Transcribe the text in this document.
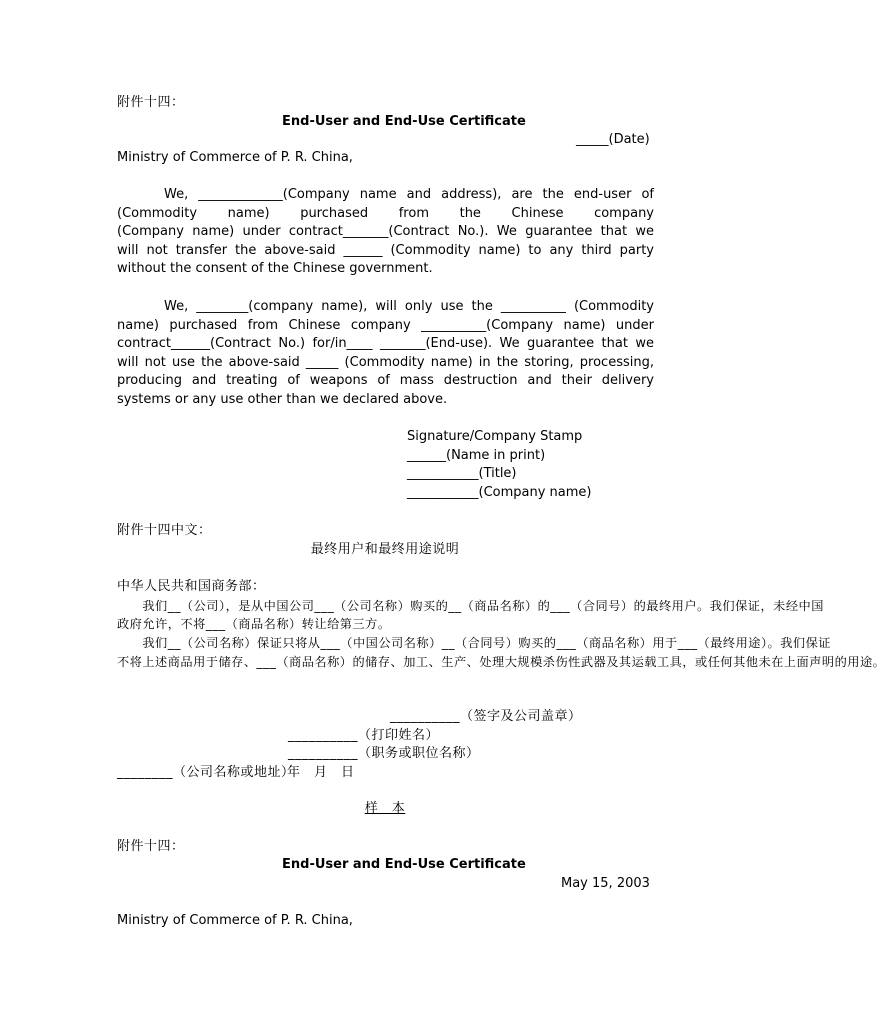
附件十四：
End-User and End-Use Certificate
_____(Date)
Ministry of Commerce of P. R. China,
We, _____________(Company name and address), are the end-user of
(Commodity name) purchased from the Chinese company
(Company name) under contract_______(Contract No.). We guarantee that we
will not transfer the above-said ______ (Commodity name) to any third party
without the consent of the Chinese government.
We, ________(company name), will only use the __________ (Commodity
name) purchased from Chinese company __________(Company name) under
contract______(Contract No.) for/in____ _______(End-use). We guarantee that we
will not use the above-said _____ (Commodity name) in the storing, processing,
producing and treating of weapons of mass destruction and their delivery
systems or any use other than we declared above.
Signature/Company Stamp
______(Name in print)
___________(Title)
___________(Company name)
附件十四中文：
最终用户和最终用途说明
中华人民共和国商务部：
　　我们__（公司），是从中国公司___（公司名称）购买的__（商品名称）的___（合同号）的最终用户。我们保证，未经中国
政府允许，不将___（商品名称）转让给第三方。
　　我们__（公司名称）保证只将从___（中国公司名称）__（合同号）购买的___（商品名称）用于___（最终用途）。我们保证
不将上述商品用于储存、___（商品名称）的储存、加工、生产、处理大规模杀伤性武器及其运载工具，或任何其他未在上面声明的用途。
__________（签字及公司盖章）
__________（打印姓名）
__________（职务或职位名称）
________（公司名称或地址）
年　月　日
样　本
附件十四：
End-User and End-Use Certificate
May 15, 2003
Ministry of Commerce of P. R. China,
